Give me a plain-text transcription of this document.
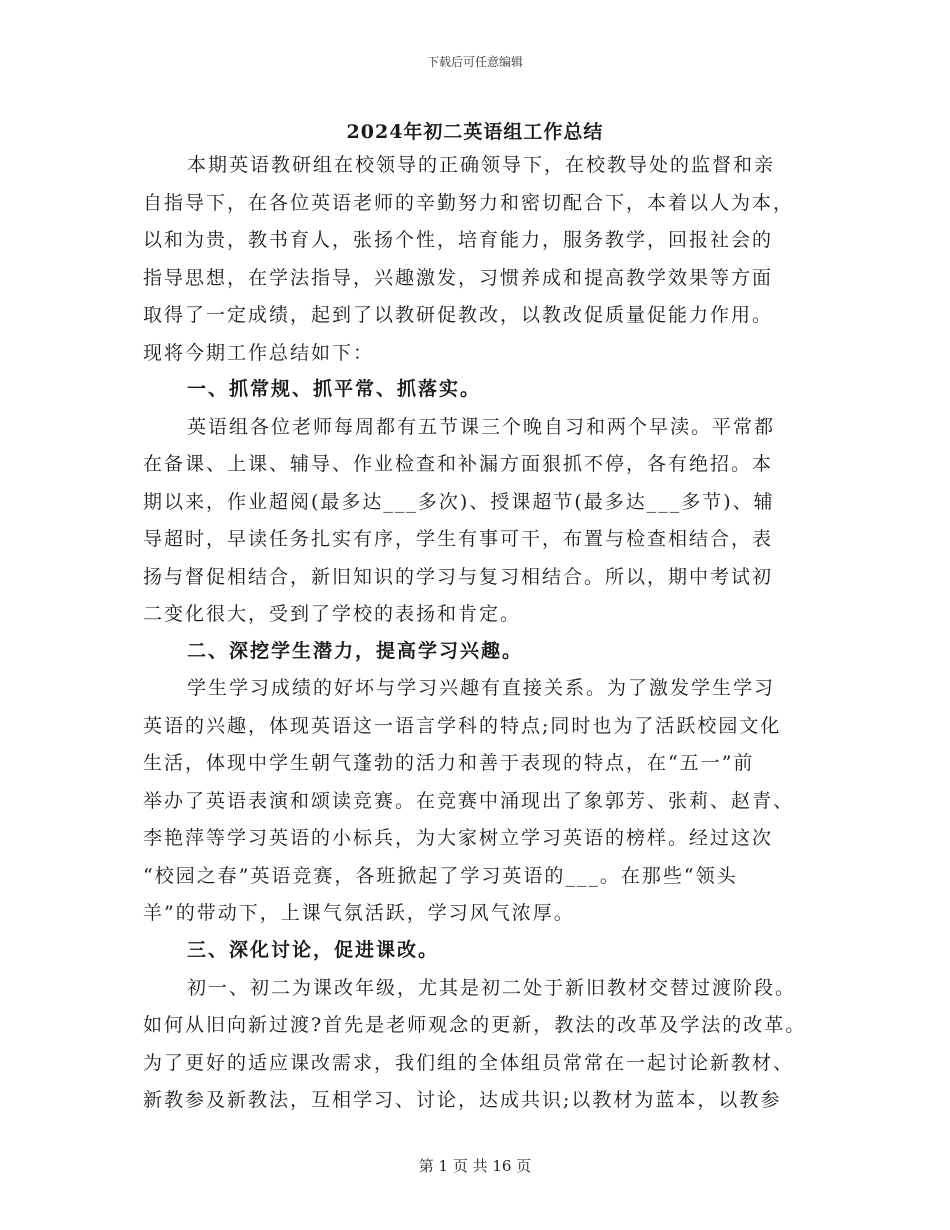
下载后可任意编辑
2024年初二英语组工作总结
本期英语教研组在校领导的正确领导下，在校教导处的监督和亲
自指导下，在各位英语老师的辛勤努力和密切配合下，本着以人为本，
以和为贵，教书育人，张扬个性，培育能力，服务教学，回报社会的
指导思想，在学法指导，兴趣激发，习惯养成和提高教学效果等方面
取得了一定成绩，起到了以教研促教改，以教改促质量促能力作用。
现将今期工作总结如下：
一、抓常规、抓平常、抓落实。
英语组各位老师每周都有五节课三个晚自习和两个早渎。平常都
在备课、上课、辅导、作业检查和补漏方面狠抓不停，各有绝招。本
期以来，作业超阅(最多达___多次)、授课超节(最多达___多节)、辅
导超时，早读任务扎实有序，学生有事可干，布置与检查相结合，表
扬与督促相结合，新旧知识的学习与复习相结合。所以，期中考试初
二变化很大，受到了学校的表扬和肯定。
二、深挖学生潜力，提高学习兴趣。
学生学习成绩的好坏与学习兴趣有直接关系。为了激发学生学习
英语的兴趣，体现英语这一语言学科的特点;同时也为了活跃校园文化
生活，体现中学生朝气蓬勃的活力和善于表现的特点，在“五一”前
举办了英语表演和颂读竞赛。在竞赛中涌现出了象郭芳、张莉、赵青、
李艳萍等学习英语的小标兵，为大家树立学习英语的榜样。经过这次
“校园之春”英语竞赛，各班掀起了学习英语的___。在那些“领头
羊”的带动下，上课气氛活跃，学习风气浓厚。
三、深化讨论，促进课改。
初一、初二为课改年级，尤其是初二处于新旧教材交替过渡阶段。
如何从旧向新过渡?首先是老师观念的更新，教法的改革及学法的改革。
为了更好的适应课改需求，我们组的全体组员常常在一起讨论新教材、
新教参及新教法，互相学习、讨论，达成共识;以教材为蓝本，以教参
第 1 页 共 16 页
